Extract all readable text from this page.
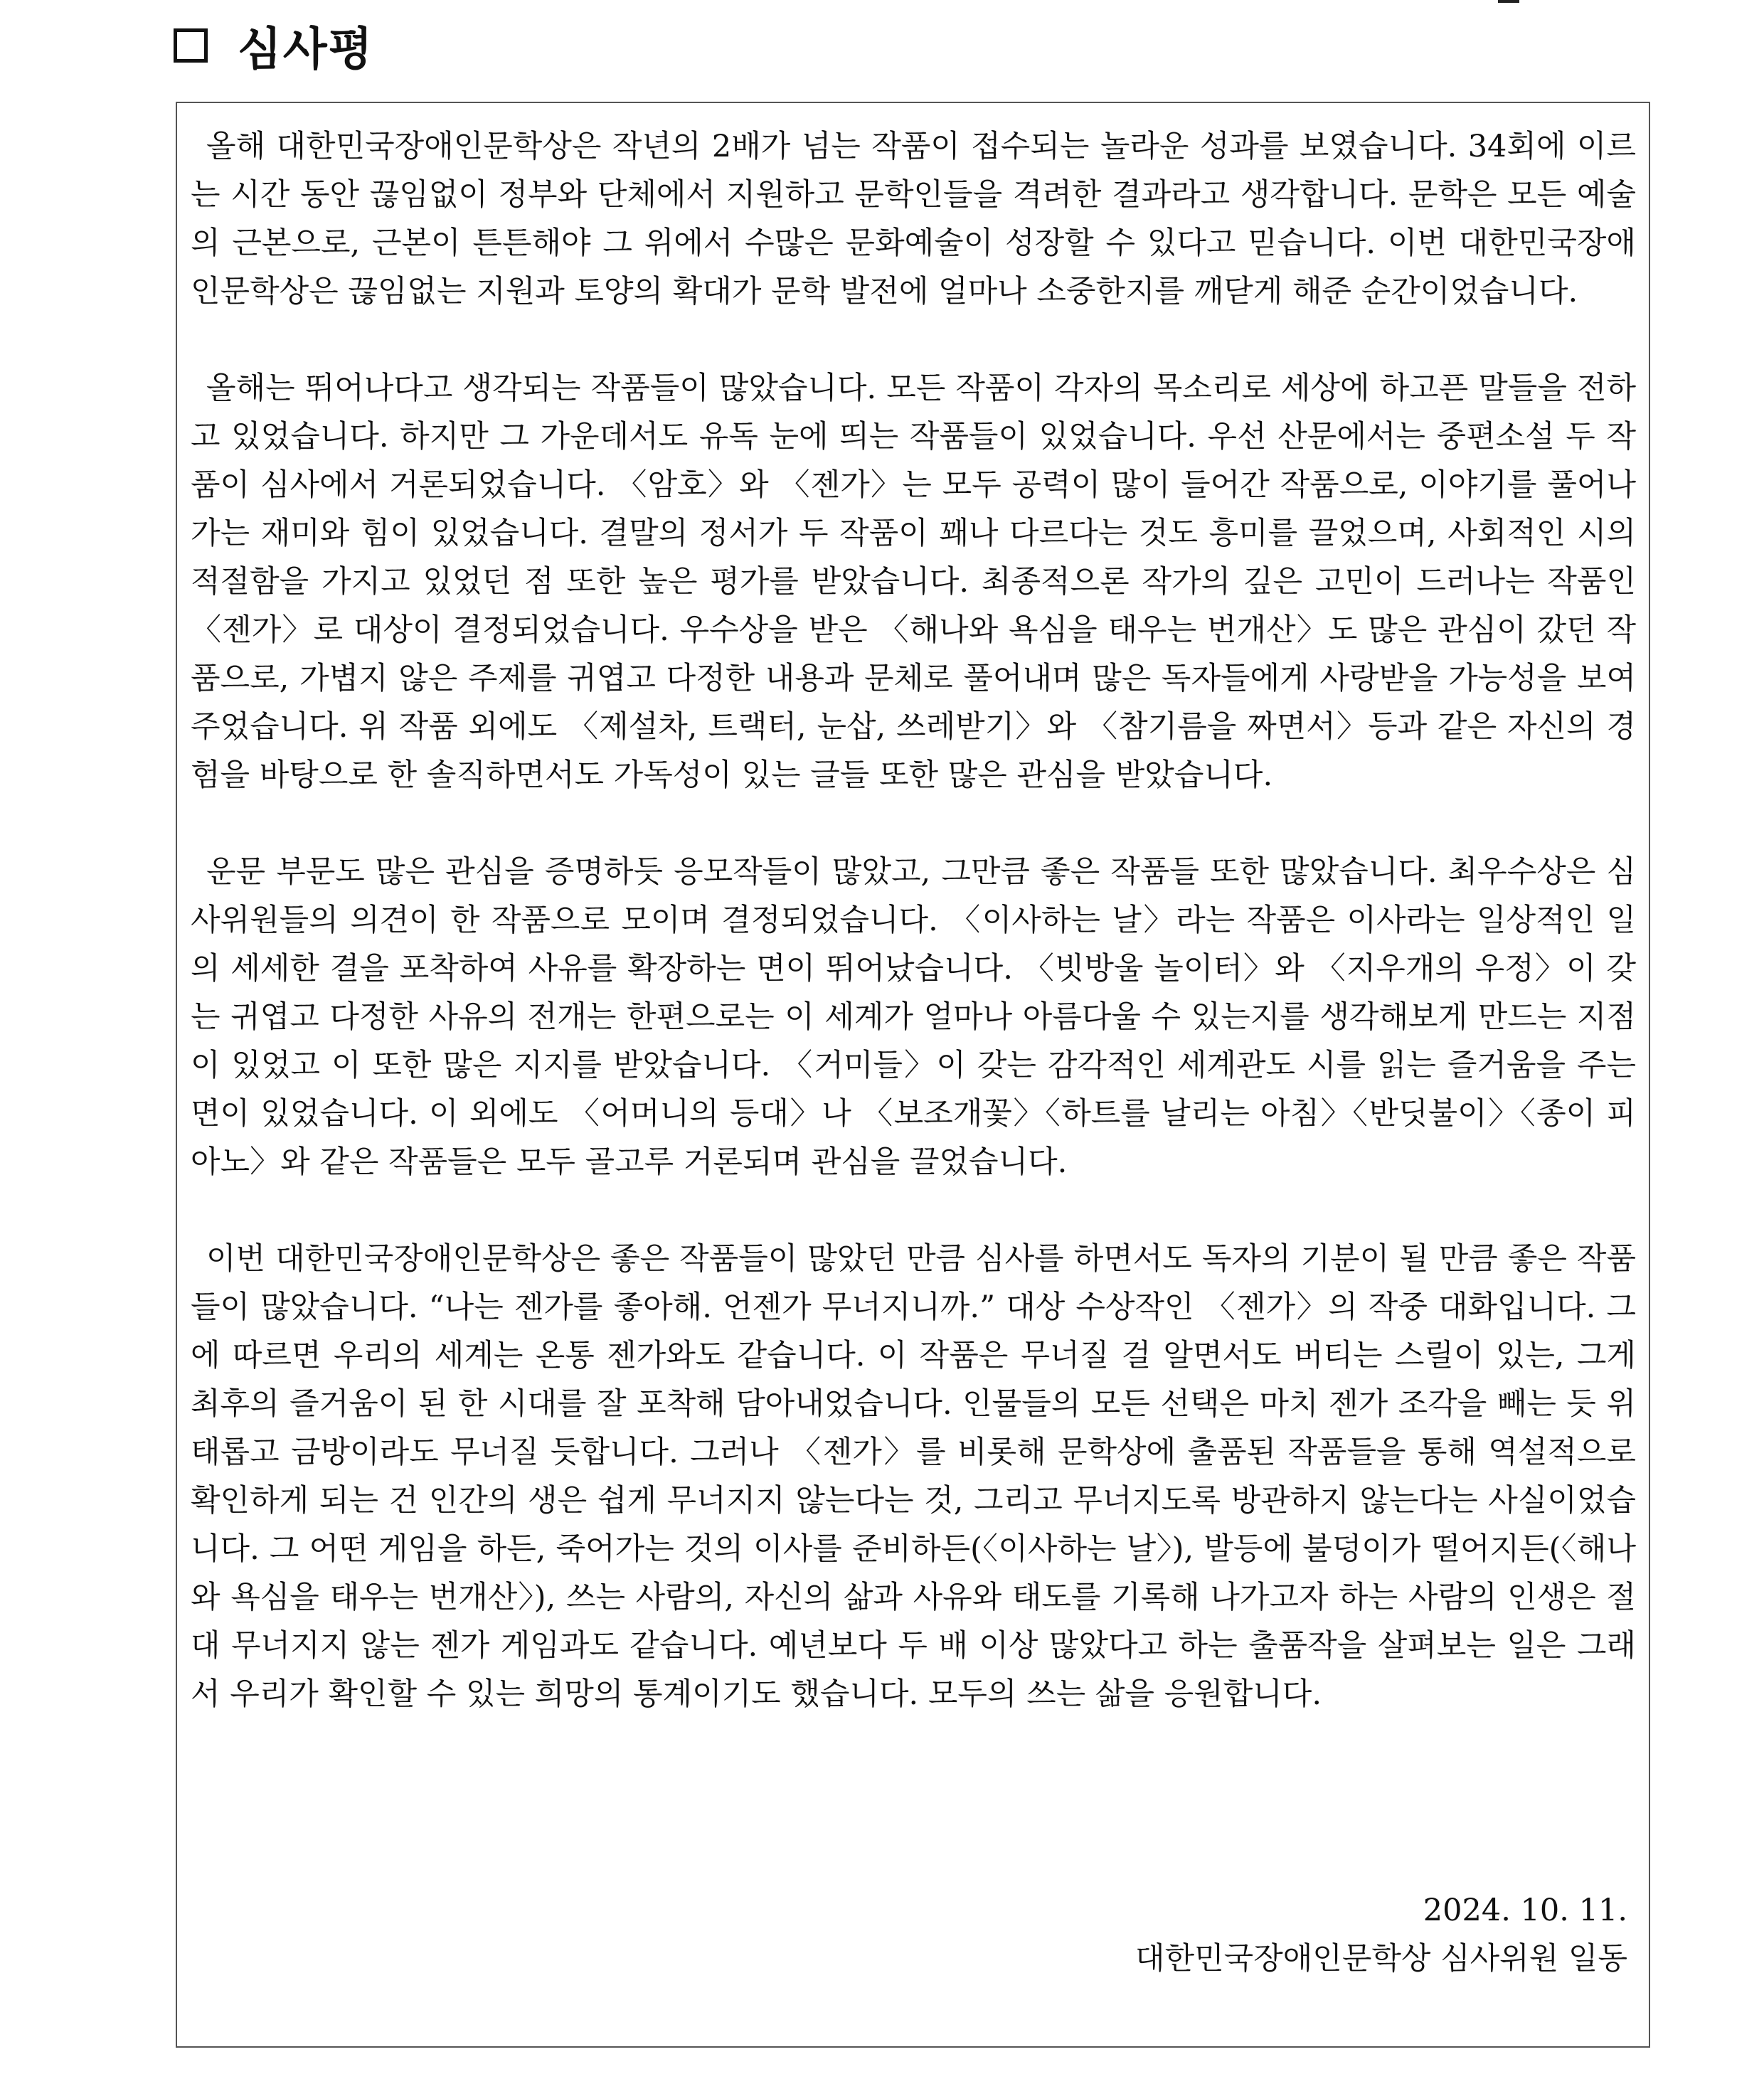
심사평

올해 대한민국장애인문학상은 작년의 2배가 넘는 작품이 접수되는 놀라운 성과를 보였습니다. 34회에 이르는 시간 동안 끊임없이 정부와 단체에서 지원하고 문학인들을 격려한 결과라고 생각합니다. 문학은 모든 예술의 근본으로, 근본이 튼튼해야 그 위에서 수많은 문화예술이 성장할 수 있다고 믿습니다. 이번 대한민국장애인문학상은 끊임없는 지원과 토양의 확대가 문학 발전에 얼마나 소중한지를 깨닫게 해준 순간이었습니다.

올해는 뛰어나다고 생각되는 작품들이 많았습니다. 모든 작품이 각자의 목소리로 세상에 하고픈 말들을 전하고 있었습니다. 하지만 그 가운데서도 유독 눈에 띄는 작품들이 있었습니다. 우선 산문에서는 중편소설 두 작품이 심사에서 거론되었습니다. 〈암호〉와 〈젠가〉는 모두 공력이 많이 들어간 작품으로, 이야기를 풀어나가는 재미와 힘이 있었습니다. 결말의 정서가 두 작품이 꽤나 다르다는 것도 흥미를 끌었으며, 사회적인 시의적절함을 가지고 있었던 점 또한 높은 평가를 받았습니다. 최종적으론 작가의 깊은 고민이 드러나는 작품인 〈젠가〉로 대상이 결정되었습니다. 우수상을 받은 〈해나와 욕심을 태우는 번개산〉도 많은 관심이 갔던 작품으로, 가볍지 않은 주제를 귀엽고 다정한 내용과 문체로 풀어내며 많은 독자들에게 사랑받을 가능성을 보여주었습니다. 위 작품 외에도 〈제설차, 트랙터, 눈삽, 쓰레받기〉와 〈참기름을 짜면서〉등과 같은 자신의 경험을 바탕으로 한 솔직하면서도 가독성이 있는 글들 또한 많은 관심을 받았습니다.

운문 부문도 많은 관심을 증명하듯 응모작들이 많았고, 그만큼 좋은 작품들 또한 많았습니다. 최우수상은 심사위원들의 의견이 한 작품으로 모이며 결정되었습니다. 〈이사하는 날〉라는 작품은 이사라는 일상적인 일의 세세한 결을 포착하여 사유를 확장하는 면이 뛰어났습니다. 〈빗방울 놀이터〉와 〈지우개의 우정〉이 갖는 귀엽고 다정한 사유의 전개는 한편으로는 이 세계가 얼마나 아름다울 수 있는지를 생각해보게 만드는 지점이 있었고 이 또한 많은 지지를 받았습니다. 〈거미들〉이 갖는 감각적인 세계관도 시를 읽는 즐거움을 주는 면이 있었습니다. 이 외에도 〈어머니의 등대〉나 〈보조개꽃〉〈하트를 날리는 아침〉〈반딧불이〉〈종이 피아노〉와 같은 작품들은 모두 골고루 거론되며 관심을 끌었습니다.

이번 대한민국장애인문학상은 좋은 작품들이 많았던 만큼 심사를 하면서도 독자의 기분이 될 만큼 좋은 작품들이 많았습니다. “나는 젠가를 좋아해. 언젠가 무너지니까.” 대상 수상작인 〈젠가〉의 작중 대화입니다. 그에 따르면 우리의 세계는 온통 젠가와도 같습니다. 이 작품은 무너질 걸 알면서도 버티는 스릴이 있는, 그게 최후의 즐거움이 된 한 시대를 잘 포착해 담아내었습니다. 인물들의 모든 선택은 마치 젠가 조각을 빼는 듯 위태롭고 금방이라도 무너질 듯합니다. 그러나 〈젠가〉를 비롯해 문학상에 출품된 작품들을 통해 역설적으로 확인하게 되는 건 인간의 생은 쉽게 무너지지 않는다는 것, 그리고 무너지도록 방관하지 않는다는 사실이었습니다. 그 어떤 게임을 하든, 죽어가는 것의 이사를 준비하든(〈이사하는 날〉), 발등에 불덩이가 떨어지든(〈해나와 욕심을 태우는 번개산〉), 쓰는 사람의, 자신의 삶과 사유와 태도를 기록해 나가고자 하는 사람의 인생은 절대 무너지지 않는 젠가 게임과도 같습니다. 예년보다 두 배 이상 많았다고 하는 출품작을 살펴보는 일은 그래서 우리가 확인할 수 있는 희망의 통계이기도 했습니다. 모두의 쓰는 삶을 응원합니다.

2024. 10. 11.
대한민국장애인문학상 심사위원 일동
